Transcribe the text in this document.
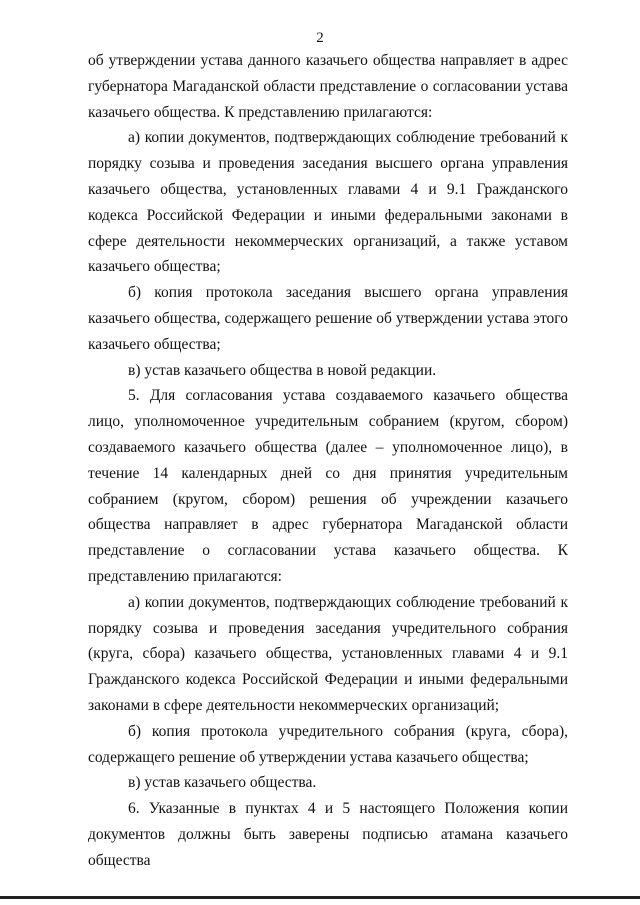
2

об утверждении устава данного казачьего общества направляет в адрес губернатора Магаданской области представление о согласовании устава казачьего общества. К представлению прилагаются:

а) копии документов, подтверждающих соблюдение требований к порядку созыва и проведения заседания высшего органа управления казачьего общества, установленных главами 4 и 9.1 Гражданского кодекса Российской Федерации и иными федеральными законами в сфере деятельности некоммерческих организаций, а также уставом казачьего общества;

б) копия протокола заседания высшего органа управления казачьего общества, содержащего решение об утверждении устава этого казачьего общества;

в) устав казачьего общества в новой редакции.

5. Для согласования устава создаваемого казачьего общества лицо, уполномоченное учредительным собранием (кругом, сбором) создаваемого казачьего общества (далее – уполномоченное лицо), в течение 14 календарных дней со дня принятия учредительным собранием (кругом, сбором) решения об учреждении казачьего общества направляет в адрес губернатора Магаданской области представление о согласовании устава казачьего общества. К представлению прилагаются:

а) копии документов, подтверждающих соблюдение требований к порядку созыва и проведения заседания учредительного собрания (круга, сбора) казачьего общества, установленных главами 4 и 9.1 Гражданского кодекса Российской Федерации и иными федеральными законами в сфере деятельности некоммерческих организаций;

б) копия протокола учредительного собрания (круга, сбора), содержащего решение об утверждении устава казачьего общества;

в) устав казачьего общества.

6. Указанные в пунктах 4 и 5 настоящего Положения копии документов должны быть заверены подписью атамана казачьего общества
